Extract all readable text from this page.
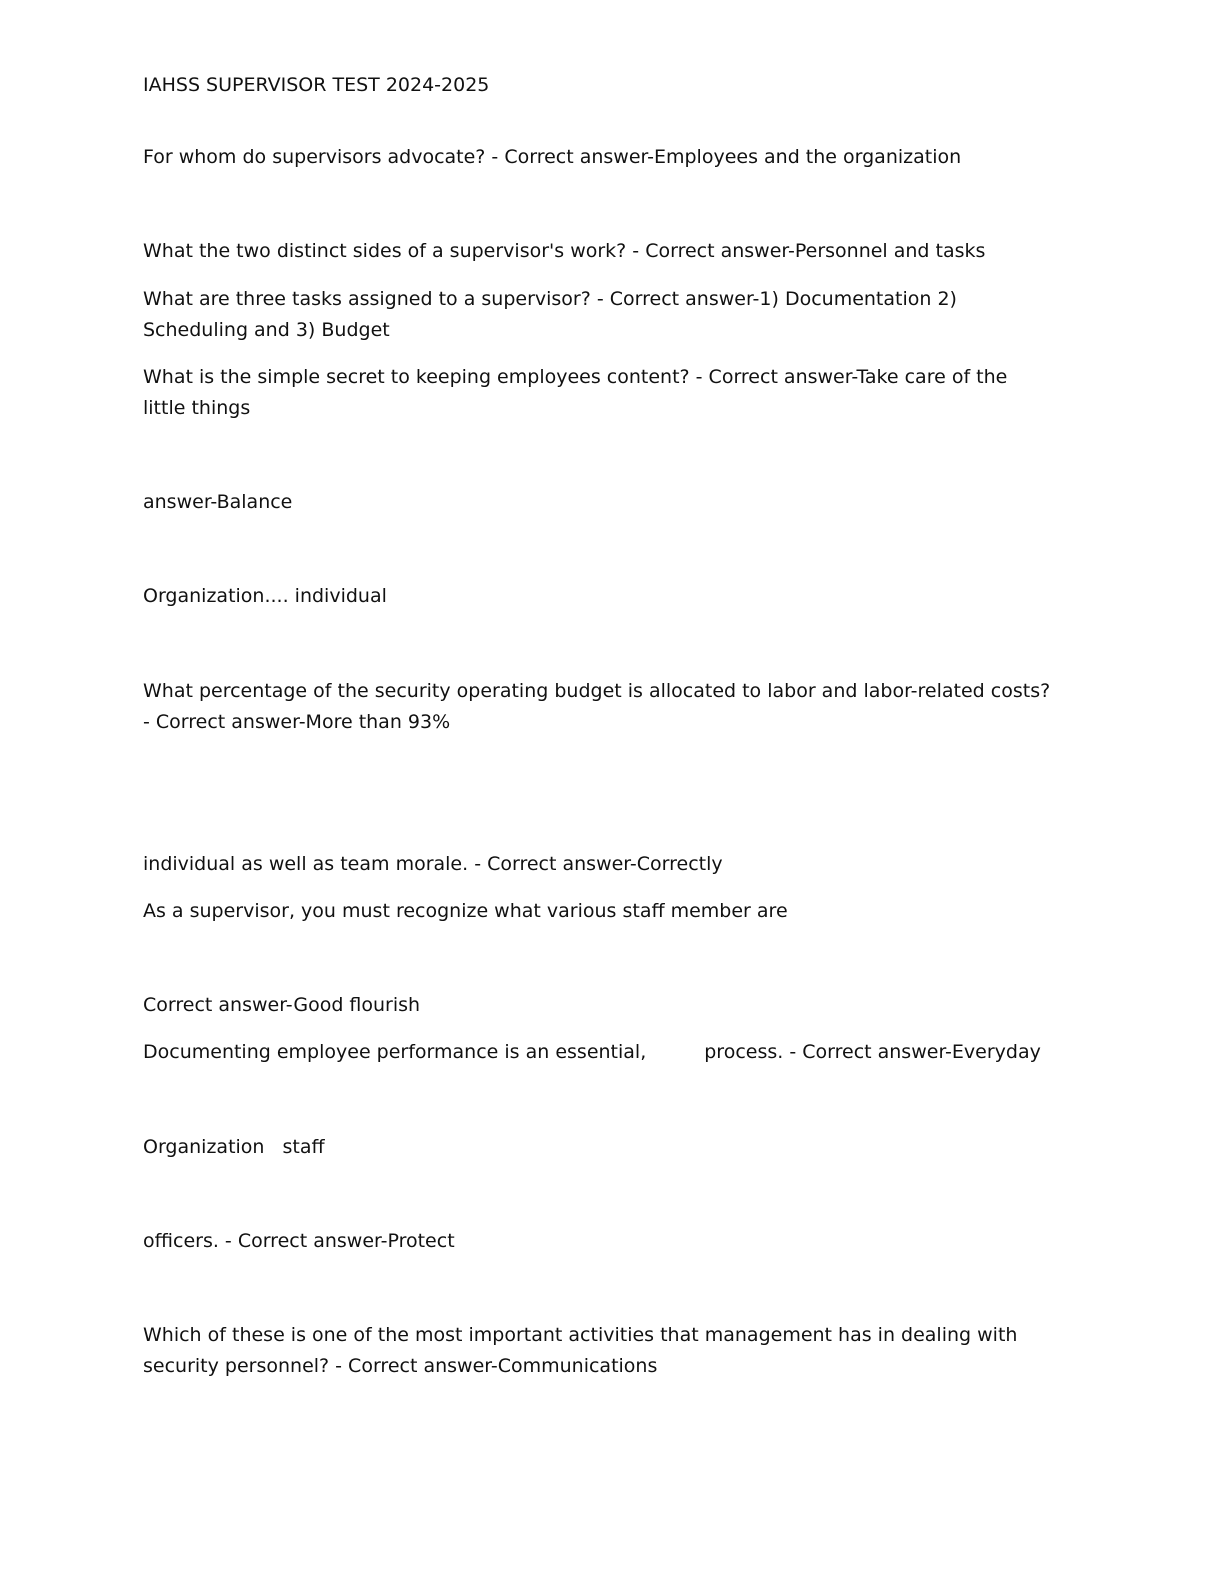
IAHSS SUPERVISOR TEST 2024-2025

For whom do supervisors advocate? - Correct answer-Employees and the organization

What the two distinct sides of a supervisor's work? - Correct answer-Personnel and tasks

What are three tasks assigned to a supervisor? - Correct answer-1) Documentation 2)
Scheduling and 3) Budget
What is the simple secret to keeping employees content? - Correct answer-Take care of the
little things

answer-Balance

Organization.... individual

What percentage of the security operating budget is allocated to labor and labor-related costs?
- Correct answer-More than 93%

individual as well as team morale. - Correct answer-Correctly

As a supervisor, you must recognize what various staff member are

Correct answer-Good flourish

Documenting employee performance is an essential,	process. - Correct answer-Everyday

Organization staff

officers. - Correct answer-Protect

Which of these is one of the most important activities that management has in dealing with
security personnel? - Correct answer-Communications
